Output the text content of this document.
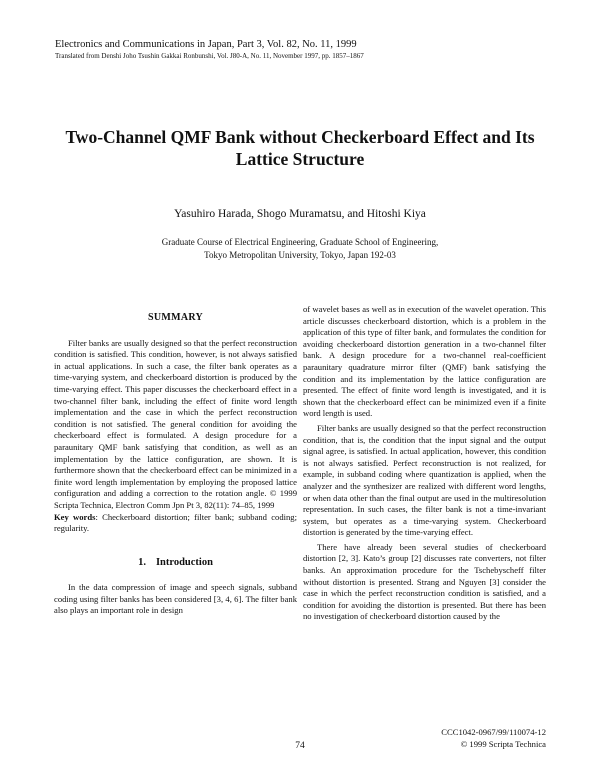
Electronics and Communications in Japan, Part 3, Vol. 82, No. 11, 1999
Translated from Denshi Joho Tsushin Gakkai Ronbunshi, Vol. J80-A, No. 11, November 1997, pp. 1857–1867
Two-Channel QMF Bank without Checkerboard Effect and Its Lattice Structure
Yasuhiro Harada, Shogo Muramatsu, and Hitoshi Kiya
Graduate Course of Electrical Engineering, Graduate School of Engineering,
Tokyo Metropolitan University, Tokyo, Japan 192-03
SUMMARY

Filter banks are usually designed so that the perfect reconstruction condition is satisfied. This condition, however, is not always satisfied in actual applications. In such a case, the filter bank operates as a time-varying system, and checkerboard distortion is produced by the time-varying effect. This paper discusses the checkerboard effect in a two-channel filter bank, including the effect of finite word length implementation and the case in which the perfect reconstruction condition is not satisfied. The general condition for avoiding the checkerboard effect is formulated. A design procedure for a paraunitary QMF bank satisfying that condition, as well as an implementation by the lattice configuration, are shown. It is furthermore shown that the checkerboard effect can be minimized in a finite word length implementation by employing the proposed lattice configuration and adding a correction to the rotation angle. © 1999 Scripta Technica, Electron Comm Jpn Pt 3, 82(11): 74–85, 1999

Key words: Checkerboard distortion; filter bank; subband coding; regularity.

1. Introduction

In the data compression of image and speech signals, subband coding using filter banks has been considered [3, 4, 6]. The filter bank also plays an important role in design

of wavelet bases as well as in execution of the wavelet operation. This article discusses checkerboard distortion, which is a problem in the application of this type of filter bank, and formulates the condition for avoiding checkerboard distortion generation in a two-channel filter bank. A design procedure for a two-channel real-coefficient paraunitary quadrature mirror filter (QMF) bank satisfying the condition and its implementation by the lattice configuration are presented. The effect of finite word length is investigated, and it is shown that the checkerboard effect can be minimized even if a finite word length is used.

Filter banks are usually designed so that the perfect reconstruction condition, that is, the condition that the input signal and the output signal agree, is satisfied. In actual application, however, this condition is not always satisfied. Perfect reconstruction is not realized, for example, in subband coding where quantization is applied, when the analyzer and the synthesizer are realized with different word lengths, or when data other than the final output are used in the multiresolution representation. In such cases, the filter bank is not a time-invariant system, but operates as a time-varying system. Checkerboard distortion is generated by the time-varying effect.

There have already been several studies of checkerboard distortion [2, 3]. Kato’s group [2] discusses rate converters, not filter banks. An approximation procedure for the Tschebyscheff filter without distortion is presented. Strang and Nguyen [3] consider the case in which the perfect reconstruction condition is satisfied, and a condition for avoiding the distortion is presented. But there has been no investigation of checkerboard distortion caused by the

CCC1042-0967/99/110074-12
© 1999 Scripta Technica
74
